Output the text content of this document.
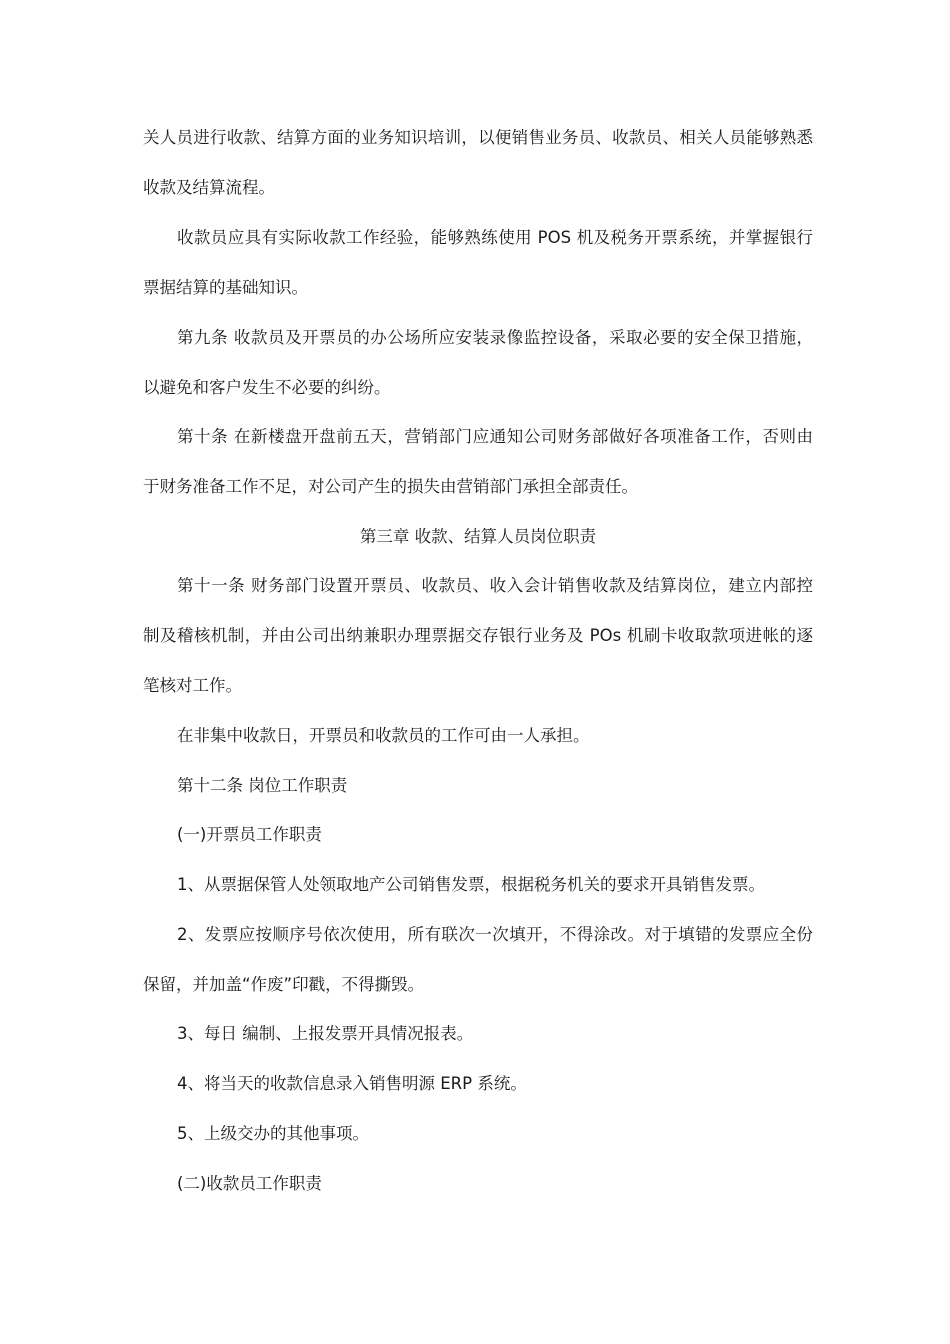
关人员进行收款、结算方面的业务知识培训，以便销售业务员、收款员、相关人员能够熟悉
收款及结算流程。
收款员应具有实际收款工作经验，能够熟练使用 POS 机及税务开票系统，并掌握银行
票据结算的基础知识。
第九条 收款员及开票员的办公场所应安装录像监控设备，采取必要的安全保卫措施，
以避免和客户发生不必要的纠纷。
第十条 在新楼盘开盘前五天，营销部门应通知公司财务部做好各项准备工作，否则由
于财务准备工作不足，对公司产生的损失由营销部门承担全部责任。
第三章 收款、结算人员岗位职责
第十一条 财务部门设置开票员、收款员、收入会计销售收款及结算岗位，建立内部控
制及稽核机制，并由公司出纳兼职办理票据交存银行业务及 POs 机刷卡收取款项进帐的逐
笔核对工作。
在非集中收款日，开票员和收款员的工作可由一人承担。
第十二条 岗位工作职责
(一)开票员工作职责
1、从票据保管人处领取地产公司销售发票，根据税务机关的要求开具销售发票。
2、发票应按顺序号依次使用，所有联次一次填开，不得涂改。对于填错的发票应全份
保留，并加盖“作废”印戳，不得撕毁。
3、每日 编制、上报发票开具情况报表。
4、将当天的收款信息录入销售明源 ERP 系统。
5、上级交办的其他事项。
(二)收款员工作职责
